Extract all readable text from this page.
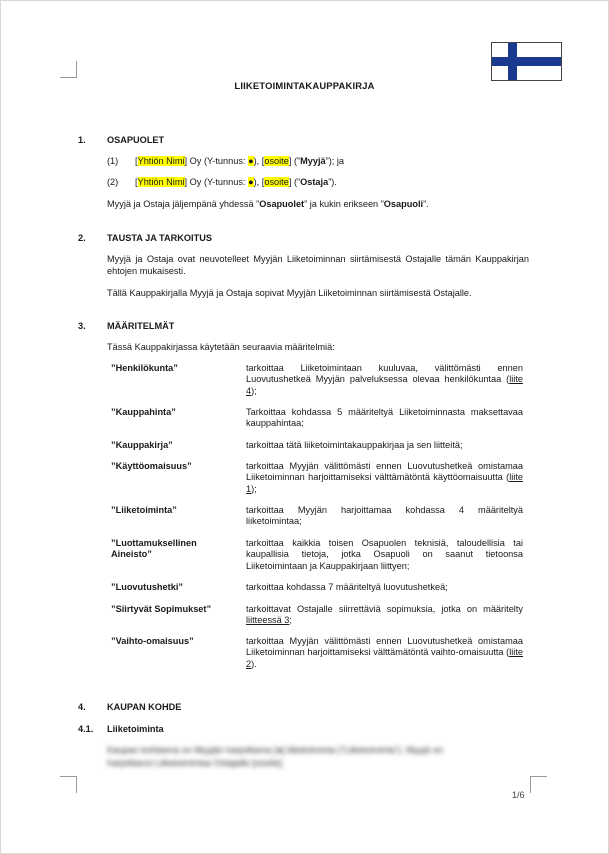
LIIKETOIMINTAKAUPPAKIRJA
1. OSAPUOLET
(1) [Yhtiön Nimi] Oy (Y-tunnus: ●), [osoite] (”Myyjä”); ja
(2) [Yhtiön Nimi] Oy (Y-tunnus: ●), [osoite] (”Ostaja”).
Myyjä ja Ostaja jäljempänä yhdessä ”Osapuolet” ja kukin erikseen ”Osapuoli”.
2. TAUSTA JA TARKOITUS
Myyjä ja Ostaja ovat neuvotelleet Myyjän Liiketoiminnan siirtämisestä Ostajalle tämän Kauppakirjan ehtojen mukaisesti.
Tällä Kauppakirjalla Myyjä ja Ostaja sopivat Myyjän Liiketoiminnan siirtämisestä Ostajalle.
3. MÄÄRITELMÄT
Tässä Kauppakirjassa käytetään seuraavia määritelmiä:
”Henkilökunta”	tarkoittaa Liiketoimintaan kuuluvaa, välittömästi ennen Luovutushetkeä Myyjän palveluksessa olevaa henkilökuntaa (liite 4);
”Kauppahinta”	Tarkoittaa kohdassa 5 määriteltyä Liiketoiminnasta maksettavaa kauppahintaa;
”Kauppakirja”	tarkoittaa tätä liiketoimintakauppakirjaa ja sen liitteitä;
”Käyttöomaisuus”	tarkoittaa Myyjän välittömästi ennen Luovutushetkeä omistamaa Liiketoiminnan harjoittamiseksi välttämätöntä käyttöomaisuutta (liite 1);
”Liiketoiminta”	tarkoittaa Myyjän harjoittamaa kohdassa 4 määriteltyä liiketoimintaa;
”Luottamuksellinen Aineisto”
tarkoittaa kaikkia toisen Osapuolen teknisiä, taloudellisia tai kaupallisia tietoja, jotka Osapuoli on saanut tietoonsa Liiketoimintaan ja Kauppakirjaan liittyen;
”Luovutushetki”	tarkoittaa kohdassa 7 määriteltyä luovutushetkeä;
”Siirtyvät Sopimukset”	tarkoittavat Ostajalle siirrettäviä sopimuksia, jotka on määritelty liitteessä 3;
”Vaihto-omaisuus”	tarkoittaa Myyjän välittömästi ennen Luovutushetkeä omistamaa Liiketoiminnan harjoittamiseksi välttämätöntä vaihto-omaisuutta (liite 2).
4. KAUPAN KOHDE
4.1. Liiketoiminta
Kaupan kohteena on Myyjän harjoittama [●] liiketoiminta (”Liiketoiminta”). Myyjä on
harjoittanut Liiketoimintaa Ostajalle [osoite].
1/6
